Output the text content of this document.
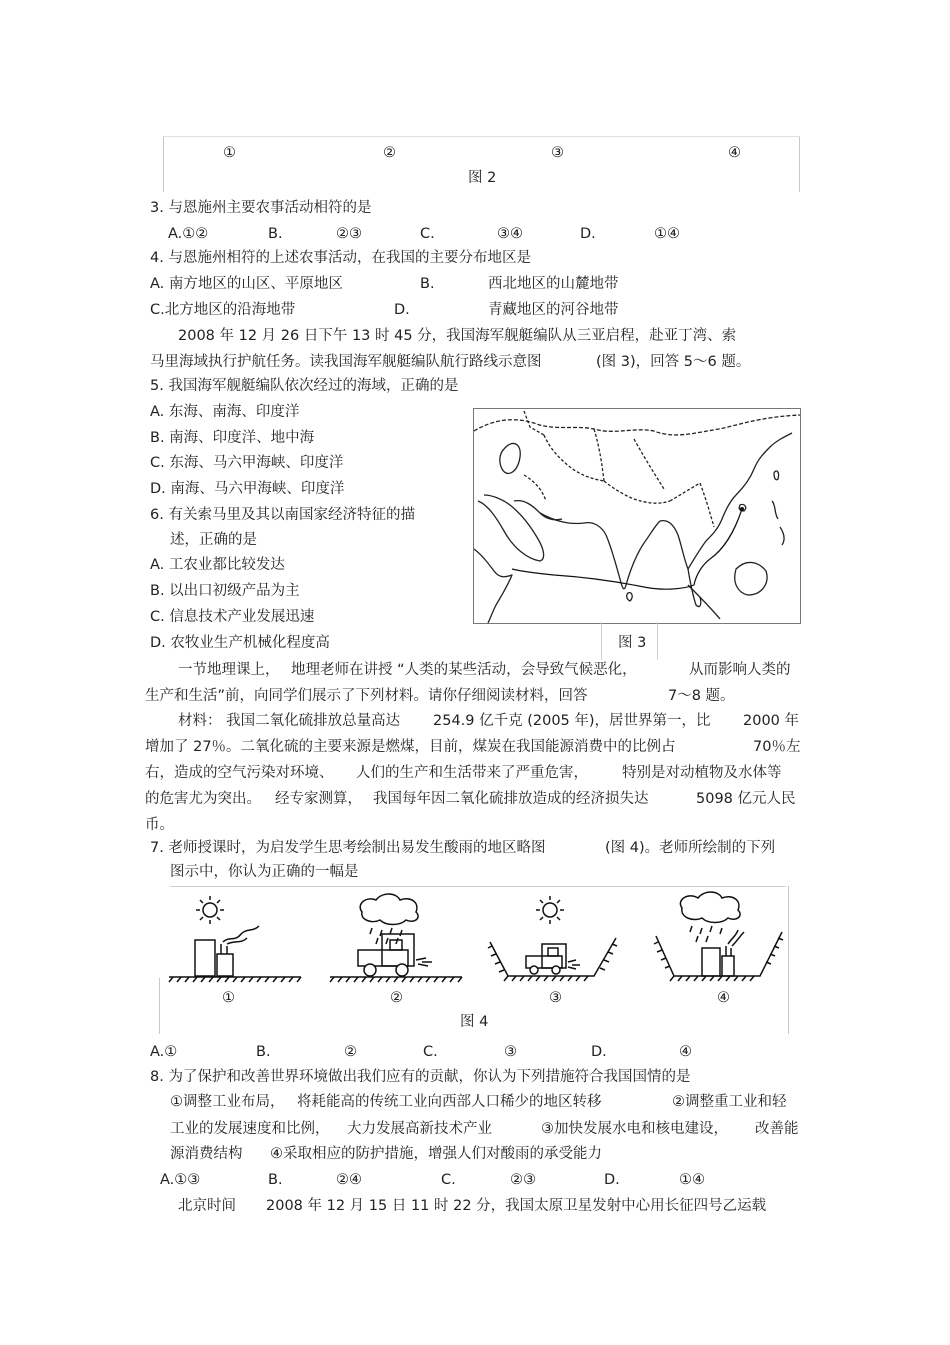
①	②	③	④
图 2
3. 与恩施州主要农事活动相符的是
A.①②	B.	②③	C.	③④	D.	①④
4. 与恩施州相符的上述农事活动，在我国的主要分布地区是
A. 南方地区的山区、平原地区	B.	西北地区的山麓地带
C.北方地区的沿海地带	D.	青藏地区的河谷地带
2008 年 12 月 26 日下午 13 时 45 分，我国海军舰艇编队从三亚启程，赴亚丁湾、索
马里海域执行护航任务。读我国海军舰艇编队航行路线示意图	(图 3)，回答 5～6 题。
5. 我国海军舰艇编队依次经过的海域，正确的是
A. 东海、南海、印度洋
B. 南海、印度洋、地中海
C. 东海、马六甲海峡、印度洋
D. 南海、马六甲海峡、印度洋
6. 有关索马里及其以南国家经济特征的描
述，正确的是
A. 工农业都比较发达
B. 以出口初级产品为主
C. 信息技术产业发展迅速
D. 农牧业生产机械化程度高	图 3
一节地理课上， 地理老师在讲授 “人类的某些活动，会导致气候恶化，	从而影响人类的
生产和生活”前，向同学们展示了下列材料。请你仔细阅读材料，回答	7～8 题。
材料： 我国二氧化硫排放总量高达 254.9 亿千克 (2005 年)，居世界第一，比 2000 年
增加了 27％。二氧化硫的主要来源是燃煤，目前，煤炭在我国能源消费中的比例占	70％左
右，造成的空气污染对环境、 人们的生产和生活带来了严重危害， 特别是对动植物及水体等
的危害尤为突出。 经专家测算， 我国每年因二氧化硫排放造成的经济损失达	5098 亿元人民
币。
7. 老师授课时，为启发学生思考绘制出易发生酸雨的地区略图	(图 4)。老师所绘制的下列
图示中，你认为正确的一幅是
①	②	③	④
图 4
A.①	B.	②	C.	③	D.	④
8. 为了保护和改善世界环境做出我们应有的贡献，你认为下列措施符合我国国情的是
①调整工业布局， 将耗能高的传统工业向西部人口稀少的地区转移	②调整重工业和轻
工业的发展速度和比例， 大力发展高新技术产业	③加快发展水电和核电建设， 改善能
源消费结构 ④采取相应的防护措施，增强人们对酸雨的承受能力
A.①③	B.	②④	C.	②③	D.	①④
北京时间 2008 年 12 月 15 日 11 时 22 分，我国太原卫星发射中心用长征四号乙运载
